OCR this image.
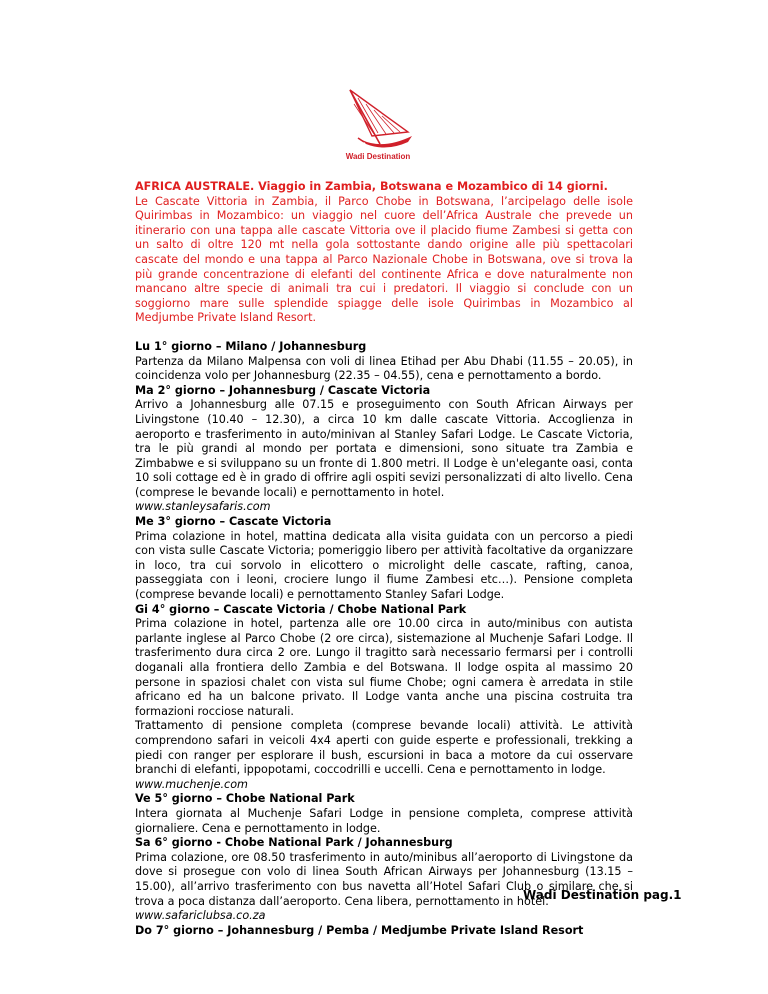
Wadi Destination

AFRICA AUSTRALE. Viaggio in Zambia, Botswana e Mozambico di 14 giorni.

Le Cascate Vittoria in Zambia, il Parco Chobe in Botswana, l’arcipelago delle isole Quirimbas in Mozambico: un viaggio nel cuore dell’Africa Australe che prevede un itinerario con una tappa alle cascate Vittoria ove il placido fiume Zambesi si getta con un salto di oltre 120 mt nella gola sottostante dando origine alle più spettacolari cascate del mondo e una tappa al Parco Nazionale Chobe in Botswana, ove si trova la più grande concentrazione di elefanti del continente Africa e dove naturalmente non mancano altre specie di animali tra cui i predatori. Il viaggio si conclude con un soggiorno mare sulle splendide spiagge delle isole Quirimbas in Mozambico al Medjumbe Private Island Resort.

Lu 1° giorno – Milano / Johannesburg

Partenza da Milano Malpensa con voli di linea Etihad per Abu Dhabi (11.55 – 20.05), in coincidenza volo per Johannesburg (22.35 – 04.55), cena e pernottamento a bordo.

Ma 2° giorno – Johannesburg / Cascate Victoria

Arrivo a Johannesburg alle 07.15 e proseguimento con South African Airways per Livingstone (10.40 – 12.30), a circa 10 km dalle cascate Vittoria. Accoglienza in aeroporto e trasferimento in auto/minivan al Stanley Safari Lodge. Le Cascate Victoria, tra le più grandi al mondo per portata e dimensioni, sono situate tra Zambia e Zimbabwe e si sviluppano su un fronte di 1.800 metri. Il Lodge è un'elegante oasi, conta 10 soli cottage ed è in grado di offrire agli ospiti sevizi personalizzati di alto livello. Cena (comprese le bevande locali) e pernottamento in hotel.

www.stanleysafaris.com

Me 3° giorno – Cascate Victoria

Prima colazione in hotel, mattina dedicata alla visita guidata con un percorso a piedi con vista sulle Cascate Victoria; pomeriggio libero per attività facoltative da organizzare in loco, tra cui sorvolo in elicottero o microlight delle cascate, rafting, canoa, passeggiata con i leoni, crociere lungo il fiume Zambesi etc…). Pensione completa (comprese bevande locali) e pernottamento Stanley Safari Lodge.

Gi 4° giorno – Cascate Victoria / Chobe National Park

Prima colazione in hotel, partenza alle ore 10.00 circa in auto/minibus con autista parlante inglese al Parco Chobe (2 ore circa), sistemazione al Muchenje Safari Lodge. Il trasferimento dura circa 2 ore. Lungo il tragitto sarà necessario fermarsi per i controlli doganali alla frontiera dello Zambia e del Botswana. Il lodge ospita al massimo 20 persone in spaziosi chalet con vista sul fiume Chobe; ogni camera è arredata in stile africano ed ha un balcone privato. Il Lodge vanta anche una piscina costruita tra formazioni rocciose naturali.

Trattamento di pensione completa (comprese bevande locali) attività. Le attività comprendono safari in veicoli 4x4 aperti con guide esperte e professionali, trekking a piedi con ranger per esplorare il bush, escursioni in baca a motore da cui osservare branchi di elefanti, ippopotami, coccodrilli e uccelli. Cena e pernottamento in lodge.

www.muchenje.com

Ve 5° giorno – Chobe National Park

Intera giornata al Muchenje Safari Lodge in pensione completa, comprese attività giornaliere. Cena e pernottamento in lodge.

Sa 6° giorno - Chobe National Park / Johannesburg

Prima colazione, ore 08.50 trasferimento in auto/minibus all’aeroporto di Livingstone da dove si prosegue con volo di linea South African Airways per Johannesburg (13.15 – 15.00), all’arrivo trasferimento con bus navetta all’Hotel Safari Club o similare che si trova a poca distanza dall’aeroporto. Cena libera, pernottamento in hotel.

www.safariclubsa.co.za

Do 7° giorno – Johannesburg / Pemba / Medjumbe Private Island Resort

Wadi Destination pag.1
